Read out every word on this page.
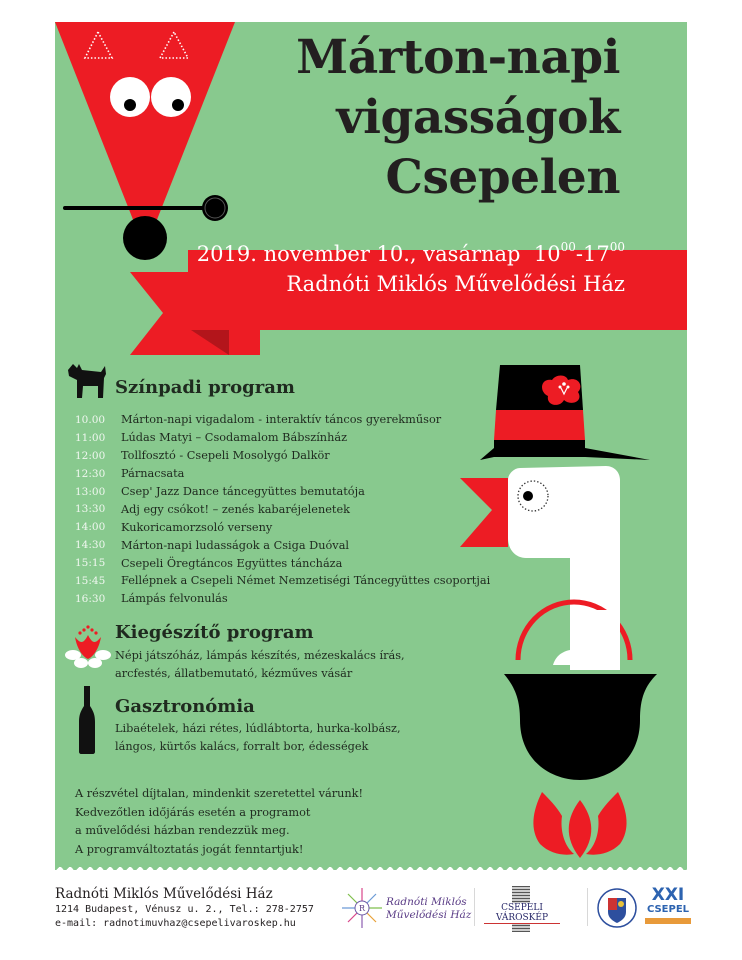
Márton-napi
vigasságok
Csepelen
2019. november 10., vasárnap $10^{00}-17^{00}$
Radnóti Miklós Művelődési Ház
Színpadi program
10.00	Márton-napi vigadalom - interaktív táncos gyerekműsor
11:00	Lúdas Matyi – Csodamalom Bábszínház
12:00	Tollfosztó - Csepeli Mosolygó Dalkör
12:30	Párnacsata
13:00	Csep' Jazz Dance táncegyüttes bemutatója
13:30	Adj egy csókot! – zenés kabaréjelenetek
14:00	Kukoricamorzsoló verseny
14:30	Márton-napi ludasságok a Csiga Duóval
15:15	Csepeli Öregtáncos Együttes táncháza
15:45	Fellépnek a Csepeli Német Nemzetiségi Táncegyüttes csoportjai
16:30	Lámpás felvonulás
Kiegészítő program
Népi játszóház, lámpás készítés, mézeskalács írás,
arcfestés, állatbemutató, kézműves vásár
Gasztronómia
Libaételek, házi rétes, lúdlábtorta, hurka-kolbász,
lángos, kürtős kalács, forralt bor, édességek
A részvétel díjtalan, mindenkit szeretettel várunk!
Kedvezőtlen időjárás esetén a programot
a művelődési házban rendezzük meg.
A programváltoztatás jogát fenntartjuk!
Radnóti Miklós Művelődési Ház
1214 Budapest, Vénusz u. 2., Tel.: 278-2757
e-mail: radnotimuvhaz@csepelivaroskep.hu
R
Radnóti Miklós
Művelődési Ház
CSEPELI VÁROSKÉP
XXI
CSEPEL
